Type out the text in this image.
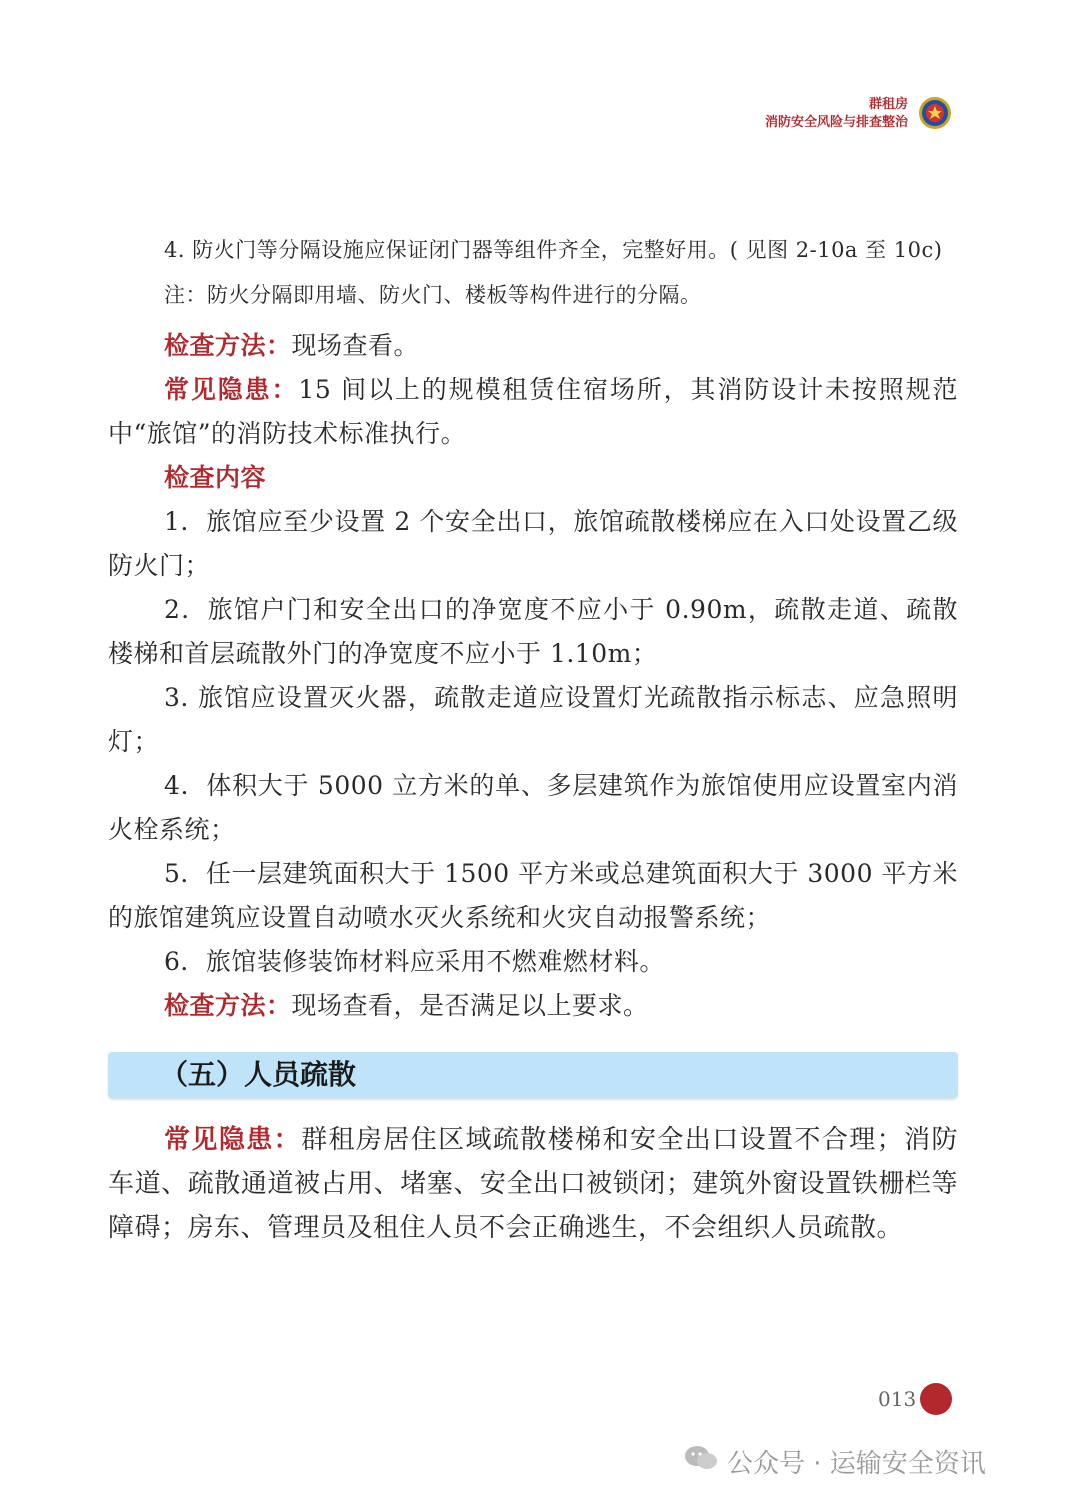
群租房
消防安全风险与排查整治

4. 防火门等分隔设施应保证闭门器等组件齐全，完整好用。( 见图 2-10a 至 10c)

注：防火分隔即用墙、防火门、楼板等构件进行的分隔。

检查方法：现场查看。

常见隐患：15 间以上的规模租赁住宿场所，其消防设计未按照规范中“旅馆”的消防技术标准执行。

检查内容

1．旅馆应至少设置 2 个安全出口，旅馆疏散楼梯应在入口处设置乙级防火门；

2．旅馆户门和安全出口的净宽度不应小于 0.90m，疏散走道、疏散楼梯和首层疏散外门的净宽度不应小于 1.10m；

3. 旅馆应设置灭火器，疏散走道应设置灯光疏散指示标志、应急照明灯；

4．体积大于 5000 立方米的单、多层建筑作为旅馆使用应设置室内消火栓系统；

5．任一层建筑面积大于 1500 平方米或总建筑面积大于 3000 平方米的旅馆建筑应设置自动喷水灭火系统和火灾自动报警系统；

6．旅馆装修装饰材料应采用不燃难燃材料。

检查方法：现场查看，是否满足以上要求。

（五）人员疏散

常见隐患：群租房居住区域疏散楼梯和安全出口设置不合理；消防车道、疏散通道被占用、堵塞、安全出口被锁闭；建筑外窗设置铁栅栏等障碍；房东、管理员及租住人员不会正确逃生，不会组织人员疏散。

013
公众号 · 运输安全资讯
